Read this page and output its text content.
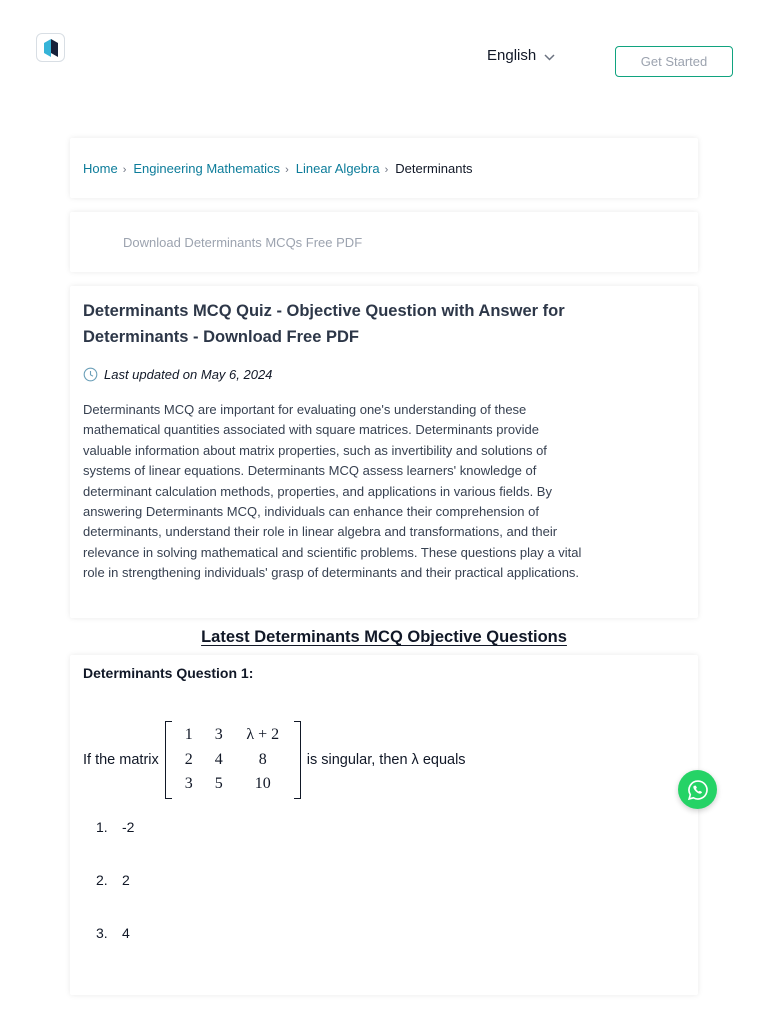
English	Get Started
Home › Engineering Mathematics › Linear Algebra › Determinants
Download Determinants MCQs Free PDF
Determinants MCQ Quiz - Objective Question with Answer for Determinants - Download Free PDF
Last updated on May 6, 2024

Determinants MCQ are important for evaluating one's understanding of these mathematical quantities associated with square matrices. Determinants provide valuable information about matrix properties, such as invertibility and solutions of systems of linear equations. Determinants MCQ assess learners' knowledge of determinant calculation methods, properties, and applications in various fields. By answering Determinants MCQ, individuals can enhance their comprehension of determinants, understand their role in linear algebra and transformations, and their relevance in solving mathematical and scientific problems. These questions play a vital role in strengthening individuals' grasp of determinants and their practical applications.

Latest Determinants MCQ Objective Questions
Determinants Question 1:
If the matrix
1	3	λ + 2
2	4	8
3	5	10
is singular, then λ equals
1.	-2
2.	2
3.	4
